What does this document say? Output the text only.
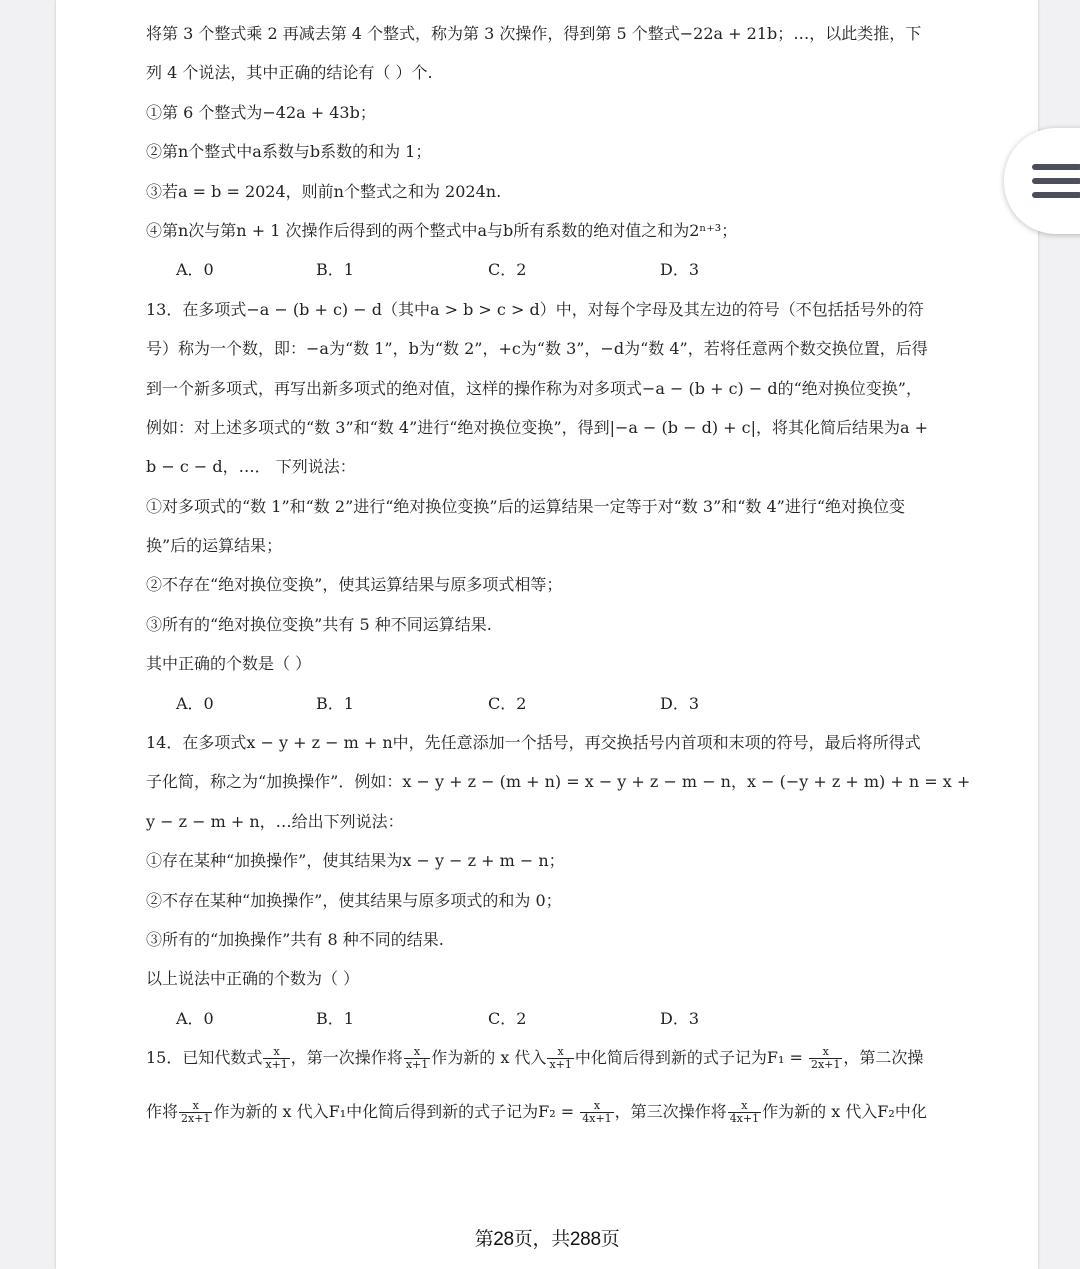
将第 3 个整式乘 2 再减去第 4 个整式，称为第 3 次操作，得到第 5 个整式−22a + 21b；…，以此类推，下
列 4 个说法，其中正确的结论有（ ）个.
①第 6 个整式为−42a + 43b；
②第n个整式中a系数与b系数的和为 1；
③若a = b = 2024，则前n个整式之和为 2024n.
④第n次与第n + 1 次操作后得到的两个整式中a与b所有系数的绝对值之和为2ⁿ⁺³；
A．0	B．1	C．2	D．3
13．在多项式−a − (b + c) − d（其中a > b > c > d）中，对每个字母及其左边的符号（不包括括号外的符
号）称为一个数，即：−a为“数 1”，b为“数 2”，+c为“数 3”，−d为“数 4”，若将任意两个数交换位置，后得
到一个新多项式，再写出新多项式的绝对值，这样的操作称为对多项式−a − (b + c) − d的“绝对换位变换”，
例如：对上述多项式的“数 3”和“数 4”进行“绝对换位变换”，得到|−a − (b − d) + c|，将其化简后结果为a +
b − c − d，…． 下列说法：
①对多项式的“数 1”和“数 2”进行“绝对换位变换”后的运算结果一定等于对“数 3”和“数 4”进行“绝对换位变
换”后的运算结果；
②不存在“绝对换位变换”，使其运算结果与原多项式相等；
③所有的“绝对换位变换”共有 5 种不同运算结果.
其中正确的个数是（ ）
A．0	B．1	C．2	D．3
14．在多项式x − y + z − m + n中，先任意添加一个括号，再交换括号内首项和末项的符号，最后将所得式
子化简，称之为“加换操作”．例如：x − y + z − (m + n) = x − y + z − m − n，x − (−y + z + m) + n = x +
y − z − m + n，…给出下列说法：
①存在某种“加换操作”，使其结果为x − y − z + m − n；
②不存在某种“加换操作”，使其结果与原多项式的和为 0；
③所有的“加换操作”共有 8 种不同的结果.
以上说法中正确的个数为（ ）
A．0	B．1	C．2	D．3
15．已知代数式 $\frac{x}{x+1}$ ，第一次操作将 $\frac{x}{x+1}$ 作为新的 x 代入 $\frac{x}{x+1}$ 中化简后得到新的式子记为$F_1 = \frac{x}{2x+1}$ ，第二次操
作将 $\frac{x}{2x+1}$ 作为新的 x 代入F₁中化简后得到新的式子记为$F_2 = \frac{x}{4x+1}$ ，第三次操作将 $\frac{x}{4x+1}$ 作为新的 x 代入F₂中化
第28页，共288页
